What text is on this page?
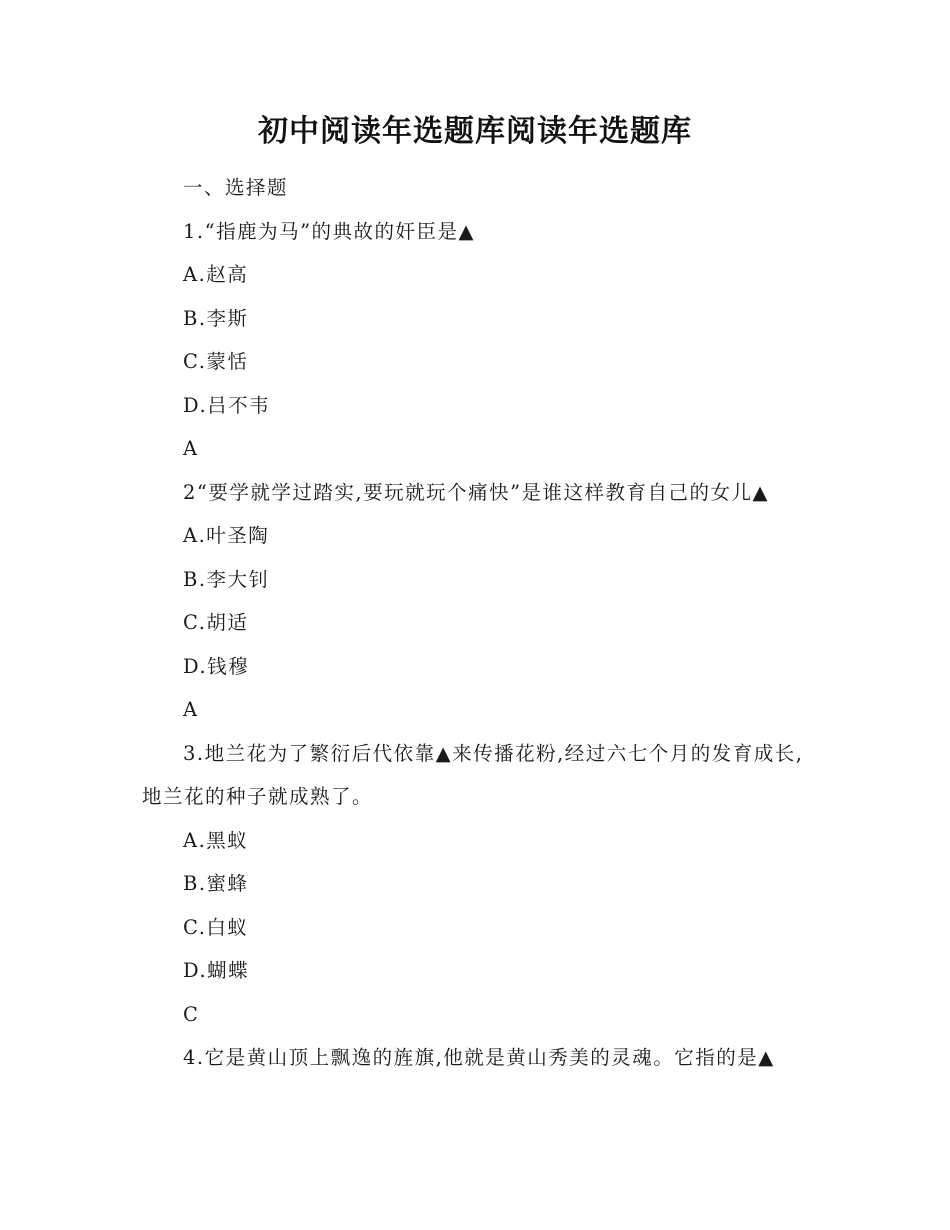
初中阅读年选题库阅读年选题库

一、选择题

1.“指鹿为马”的典故的奸臣是▲

A.赵高

B.李斯

C.蒙恬

D.吕不韦

A

2“要学就学过踏实,要玩就玩个痛快”是谁这样教育自己的女儿▲

A.叶圣陶

B.李大钊

C.胡适

D.钱穆

A

3.地兰花为了繁衍后代依靠▲来传播花粉,经过六七个月的发育成长,地兰花的种子就成熟了。

A.黑蚁

B.蜜蜂

C.白蚁

D.蝴蝶

C

4.它是黄山顶上飘逸的旌旗,他就是黄山秀美的灵魂。它指的是▲
